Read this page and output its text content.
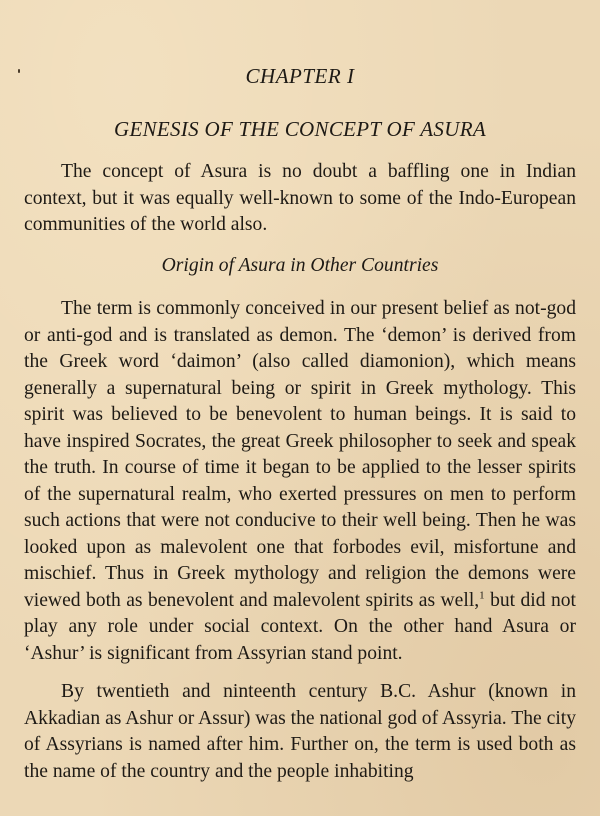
CHAPTER I
GENESIS OF THE CONCEPT OF ASURA

The concept of Asura is no doubt a baffling one in Indian context, but it was equally well-known to some of the Indo-European communities of the world also.

Origin of Asura in Other Countries

The term is commonly conceived in our present belief as not-god or anti-god and is translated as demon. The ‘demon’ is derived from the Greek word ‘daimon’ (also called diamonion), which means generally a supernatural being or spirit in Greek mythology. This spirit was believed to be benevolent to human beings. It is said to have inspired Socrates, the great Greek philosopher to seek and speak the truth. In course of time it began to be applied to the lesser spirits of the supernatural realm, who exerted pressures on men to perform such actions that were not conducive to their well being. Then he was looked upon as malevolent one that forbodes evil, misfortune and mischief. Thus in Greek mythology and religion the demons were viewed both as benevolent and malevolent spirits as well,$^1$ but did not play any role under social context. On the other hand Asura or ‘Ashur’ is significant from Assyrian stand point.

By twentieth and ninteenth century B.C. Ashur (known in Akkadian as Ashur or Assur) was the national god of Assyria. The city of Assyrians is named after him. Further on, the term is used both as the name of the country and the people inhabiting
